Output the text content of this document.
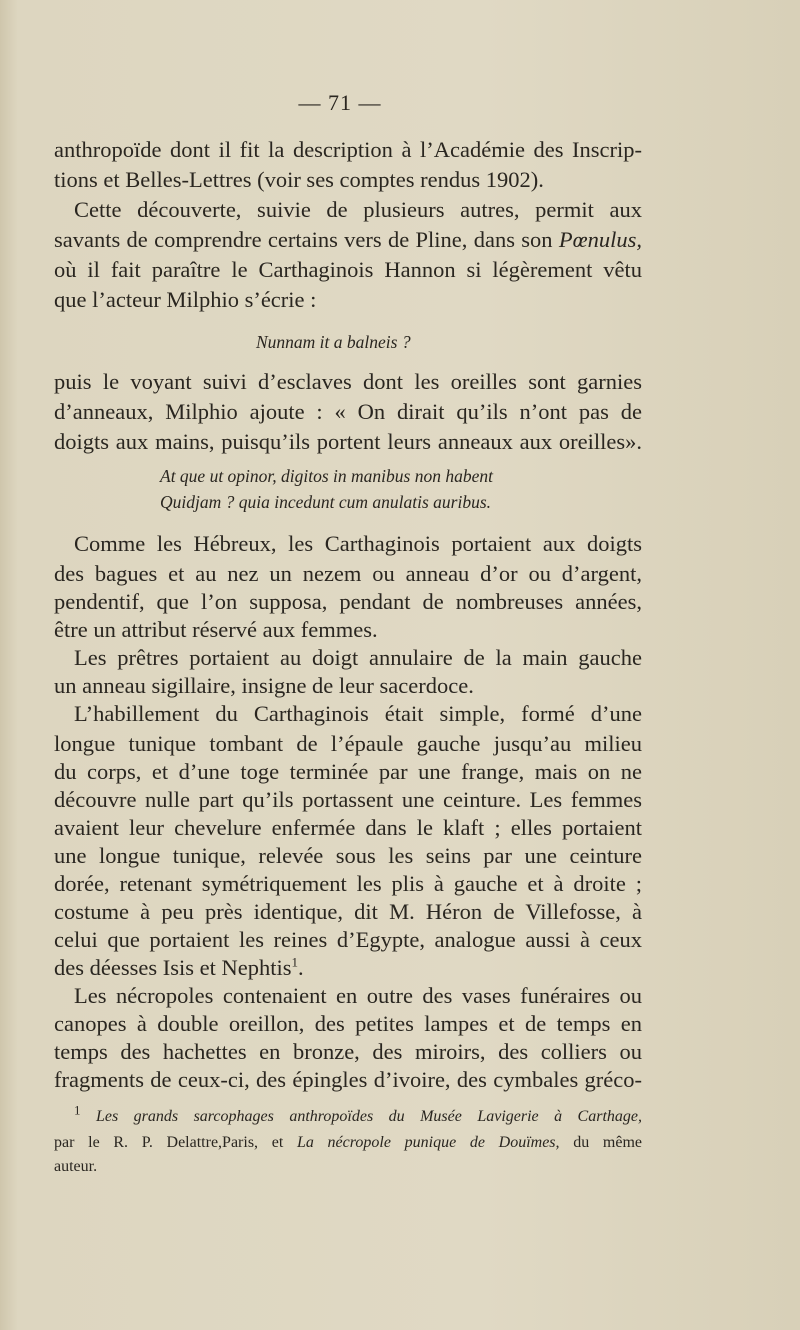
— 71 —
anthropoïde dont il fit la description à l’Académie des Inscrip-
tions et Belles-Lettres (voir ses comptes rendus 1902).
Cette découverte, suivie de plusieurs autres, permit aux
savants de comprendre certains vers de Pline, dans son Pœnulus,
où il fait paraître le Carthaginois Hannon si légèrement vêtu
que l’acteur Milphio s’écrie :
Nunnam it a balneis ?
puis le voyant suivi d’esclaves dont les oreilles sont garnies
d’anneaux, Milphio ajoute : « On dirait qu’ils n’ont pas de
doigts aux mains, puisqu’ils portent leurs anneaux aux oreilles».
At que ut opinor, digitos in manibus non habent
Quidjam ? quia incedunt cum anulatis auribus.
Comme les Hébreux, les Carthaginois portaient aux doigts
des bagues et au nez un nezem ou anneau d’or ou d’argent,
pendentif, que l’on supposa, pendant de nombreuses années,
être un attribut réservé aux femmes.
Les prêtres portaient au doigt annulaire de la main gauche
un anneau sigillaire, insigne de leur sacerdoce.
L’habillement du Carthaginois était simple, formé d’une
longue tunique tombant de l’épaule gauche jusqu’au milieu
du corps, et d’une toge terminée par une frange, mais on ne
découvre nulle part qu’ils portassent une ceinture. Les femmes
avaient leur chevelure enfermée dans le klaft ; elles portaient
une longue tunique, relevée sous les seins par une ceinture
dorée, retenant symétriquement les plis à gauche et à droite ;
costume à peu près identique, dit M. Héron de Villefosse, à
celui que portaient les reines d’Egypte, analogue aussi à ceux
des déesses Isis et Nephtis$^1$.
Les nécropoles contenaient en outre des vases funéraires ou
canopes à double oreillon, des petites lampes et de temps en
temps des hachettes en bronze, des miroirs, des colliers ou
fragments de ceux-ci, des épingles d’ivoire, des cymbales gréco-
$^1$ Les grands sarcophages anthropoïdes du Musée Lavigerie à Carthage,
par le R. P. Delattre,Paris, et La nécropole punique de Douïmes, du même
auteur.
